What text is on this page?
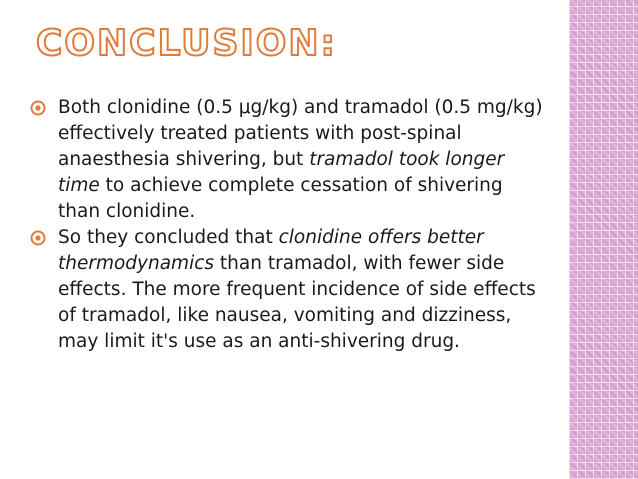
CONCLUSION:

Both clonidine (0.5 μg/kg) and tramadol (0.5 mg/kg) effectively treated patients with post-spinal anaesthesia shivering, but tramadol took longer time to achieve complete cessation of shivering than clonidine.

So they concluded that clonidine offers better thermodynamics than tramadol, with fewer side effects. The more frequent incidence of side effects of tramadol, like nausea, vomiting and dizziness, may limit it's use as an anti-shivering drug.
